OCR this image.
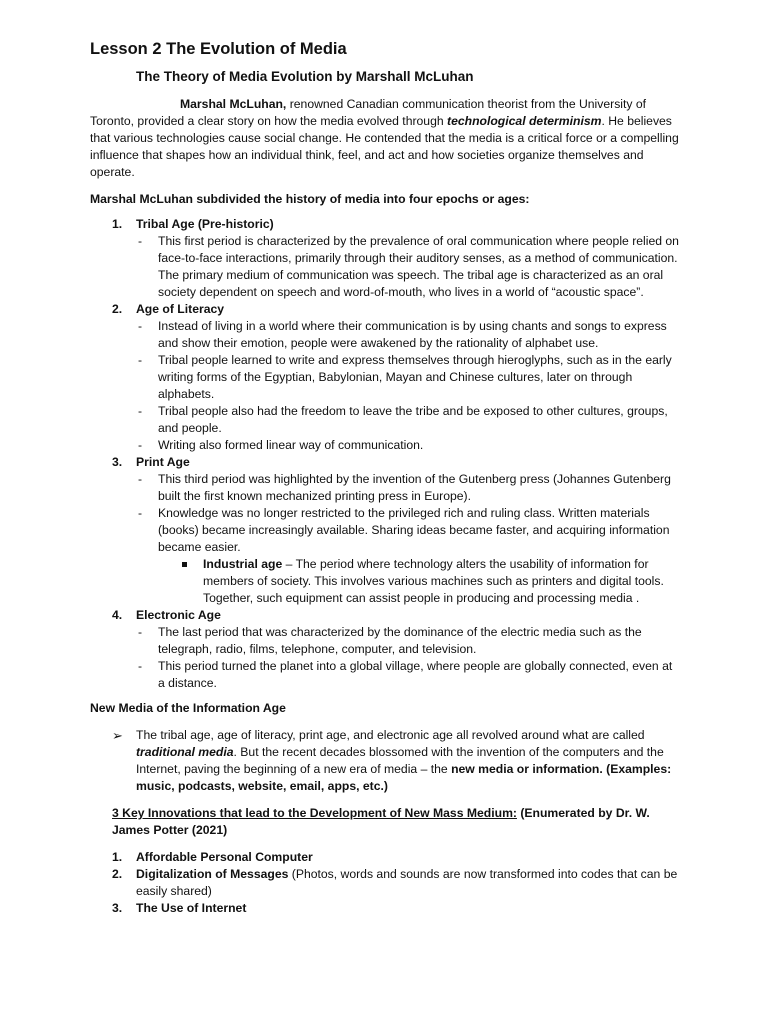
Lesson 2 The Evolution of Media
The Theory of Media Evolution by Marshall McLuhan

Marshal McLuhan, renowned Canadian communication theorist from the University of Toronto, provided a clear story on how the media evolved through technological determinism. He believes that various technologies cause social change. He contended that the media is a critical force or a compelling influence that shapes how an individual think, feel, and act and how societies organize themselves and operate.

Marshal McLuhan subdivided the history of media into four epochs or ages:
1. Tribal Age (Pre-historic)
- This first period is characterized by the prevalence of oral communication where people relied on face-to-face interactions, primarily through their auditory senses, as a method of communication. The primary medium of communication was speech. The tribal age is characterized as an oral society dependent on speech and word-of-mouth, who lives in a world of “acoustic space”.
2. Age of Literacy
- Instead of living in a world where their communication is by using chants and songs to express and show their emotion, people were awakened by the rationality of alphabet use.
- Tribal people learned to write and express themselves through hieroglyphs, such as in the early writing forms of the Egyptian, Babylonian, Mayan and Chinese cultures, later on through alphabets.
- Tribal people also had the freedom to leave the tribe and be exposed to other cultures, groups, and people.
- Writing also formed linear way of communication.
3. Print Age
- This third period was highlighted by the invention of the Gutenberg press (Johannes Gutenberg built the first known mechanized printing press in Europe).
- Knowledge was no longer restricted to the privileged rich and ruling class. Written materials (books) became increasingly available. Sharing ideas became faster, and acquiring information became easier.
Industrial age – The period where technology alters the usability of information for members of society. This involves various machines such as printers and digital tools. Together, such equipment can assist people in producing and processing media .
4. Electronic Age
- The last period that was characterized by the dominance of the electric media such as the telegraph, radio, films, telephone, computer, and television.
- This period turned the planet into a global village, where people are globally connected, even at a distance.
New Media of the Information Age
➢ The tribal age, age of literacy, print age, and electronic age all revolved around what are called traditional media. But the recent decades blossomed with the invention of the computers and the Internet, paving the beginning of a new era of media – the new media or information. (Examples: music, podcasts, website, email, apps, etc.)
3 Key Innovations that lead to the Development of New Mass Medium: (Enumerated by Dr. W. James Potter (2021)
1. Affordable Personal Computer
2. Digitalization of Messages (Photos, words and sounds are now transformed into codes that can be easily shared)
3. The Use of Internet
